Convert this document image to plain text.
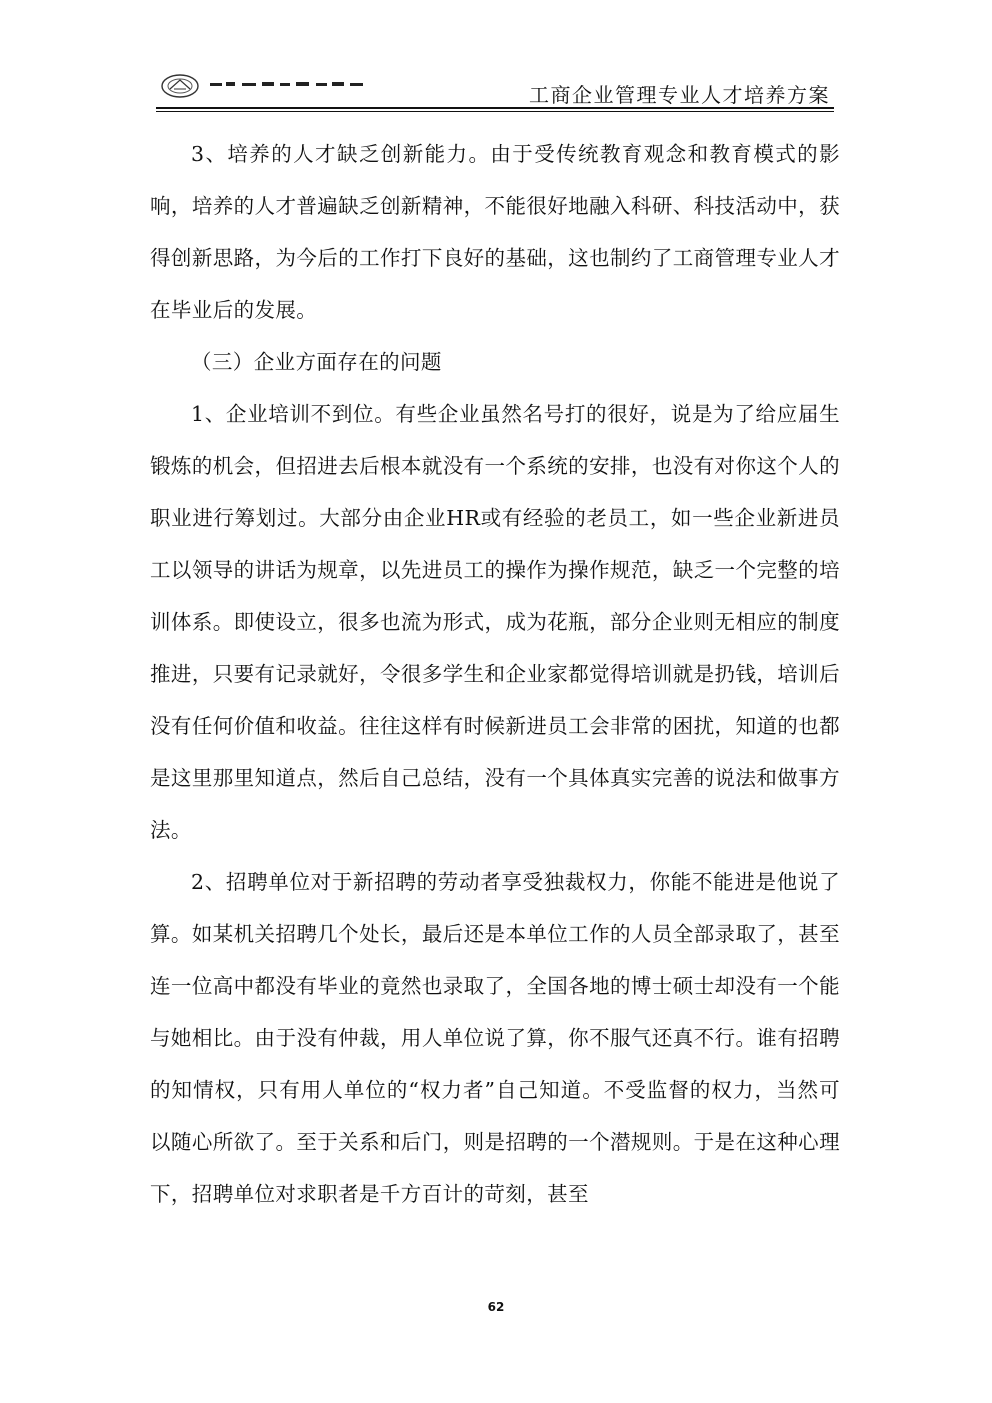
工商企业管理专业人才培养方案

3、培养的人才缺乏创新能力。由于受传统教育观念和教育模式的影响，培养的人才普遍缺乏创新精神，不能很好地融入科研、科技活动中，获得创新思路，为今后的工作打下良好的基础，这也制约了工商管理专业人才在毕业后的发展。

（三）企业方面存在的问题

1、企业培训不到位。有些企业虽然名号打的很好，说是为了给应届生锻炼的机会，但招进去后根本就没有一个系统的安排，也没有对你这个人的职业进行筹划过。大部分由企业HR或有经验的老员工，如一些企业新进员工以领导的讲话为规章，以先进员工的操作为操作规范，缺乏一个完整的培训体系。即使设立，很多也流为形式，成为花瓶，部分企业则无相应的制度推进，只要有记录就好，令很多学生和企业家都觉得培训就是扔钱，培训后没有任何价值和收益。往往这样有时候新进员工会非常的困扰，知道的也都是这里那里知道点，然后自己总结，没有一个具体真实完善的说法和做事方法。

2、招聘单位对于新招聘的劳动者享受独裁权力，你能不能进是他说了算。如某机关招聘几个处长，最后还是本单位工作的人员全部录取了，甚至连一位高中都没有毕业的竟然也录取了，全国各地的博士硕士却没有一个能与她相比。由于没有仲裁，用人单位说了算，你不服气还真不行。谁有招聘的知情权，只有用人单位的“权力者”自己知道。不受监督的权力，当然可以随心所欲了。至于关系和后门，则是招聘的一个潜规则。于是在这种心理下，招聘单位对求职者是千方百计的苛刻，甚至

62
